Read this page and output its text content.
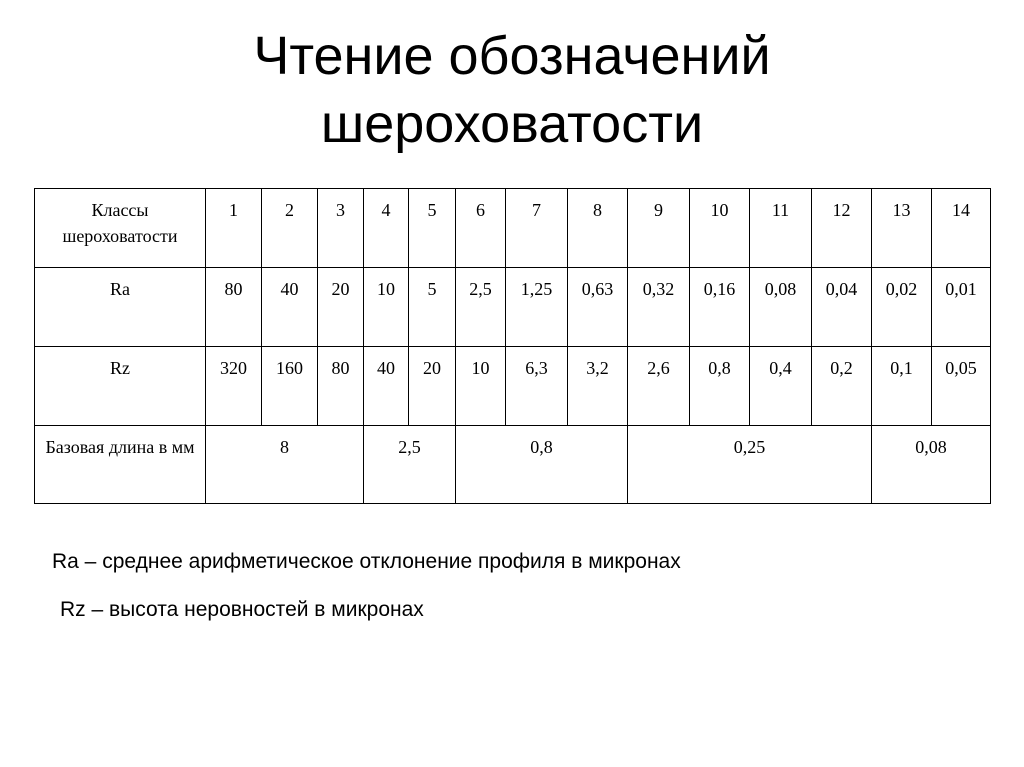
Чтение обозначений
шероховатости
Классы шероховатости	1	2	3	4	5	6	7	8	9	10	11	12	13	14
Ra	80	40	20	10	5	2,5	1,25	0,63	0,32	0,16	0,08	0,04	0,02	0,01
Rz	320	160	80	40	20	10	6,3	3,2	2,6	0,8	0,4	0,2	0,1	0,05
Базовая длина в мм	8			2,5		0,8			0,25				0,08	
Ra – среднее арифметическое отклонение профиля в микронах
Rz – высота неровностей в микронах
